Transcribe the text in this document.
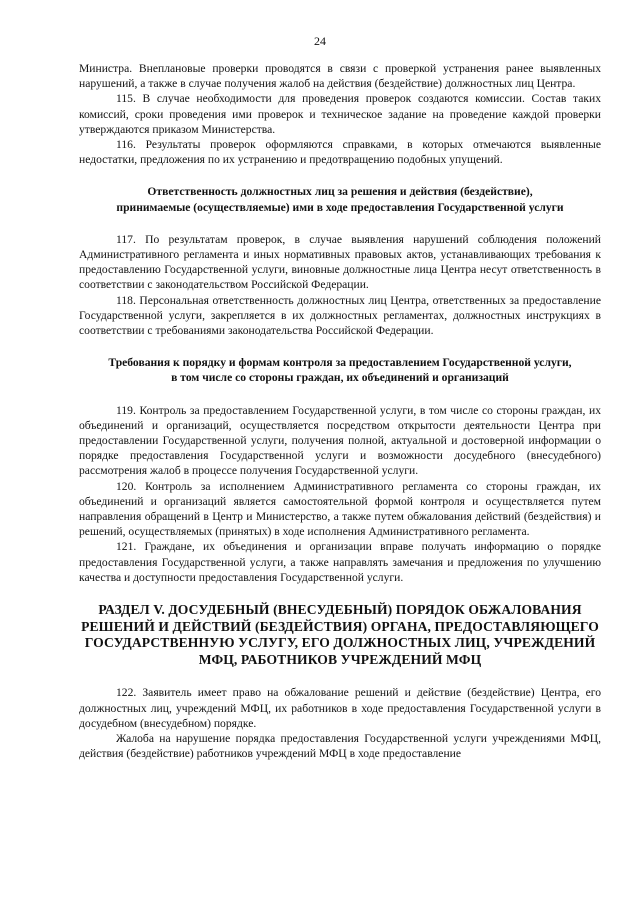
24

Министра. Внеплановые проверки проводятся в связи с проверкой устранения ранее выявленных нарушений, а также в случае получения жалоб на действия (бездействие) должностных лиц Центра.

115. В случае необходимости для проведения проверок создаются комиссии. Состав таких комиссий, сроки проведения ими проверок и техническое задание на проведение каждой проверки утверждаются приказом Министерства.

116. Результаты проверок оформляются справками, в которых отмечаются выявленные недостатки, предложения по их устранению и предотвращению подобных упущений.

Ответственность должностных лиц за решения и действия (бездействие),
принимаемые (осуществляемые) ими в ходе предоставления Государственной услуги

117. По результатам проверок, в случае выявления нарушений соблюдения положений Административного регламента и иных нормативных правовых актов, устанавливающих требования к предоставлению Государственной услуги, виновные должностные лица Центра несут ответственность в соответствии с законодательством Российской Федерации.

118. Персональная ответственность должностных лиц Центра, ответственных за предоставление Государственной услуги, закрепляется в их должностных регламентах, должностных инструкциях в соответствии с требованиями законодательства Российской Федерации.

Требования к порядку и формам контроля за предоставлением Государственной услуги,
в том числе со стороны граждан, их объединений и организаций

119. Контроль за предоставлением Государственной услуги, в том числе со стороны граждан, их объединений и организаций, осуществляется посредством открытости деятельности Центра при предоставлении Государственной услуги, получения полной, актуальной и достоверной информации о порядке предоставления Государственной услуги и возможности досудебного (внесудебного) рассмотрения жалоб в процессе получения Государственной услуги.

120. Контроль за исполнением Административного регламента со стороны граждан, их объединений и организаций является самостоятельной формой контроля и осуществляется путем направления обращений в Центр и Министерство, а также путем обжалования действий (бездействия) и решений, осуществляемых (принятых) в ходе исполнения Административного регламента.

121. Граждане, их объединения и организации вправе получать информацию о порядке предоставления Государственной услуги, а также направлять замечания и предложения по улучшению качества и доступности предоставления Государственной услуги.

РАЗДЕЛ V. ДОСУДЕБНЫЙ (ВНЕСУДЕБНЫЙ) ПОРЯДОК ОБЖАЛОВАНИЯ
РЕШЕНИЙ И ДЕЙСТВИЙ (БЕЗДЕЙСТВИЯ) ОРГАНА, ПРЕДОСТАВЛЯЮЩЕГО
ГОСУДАРСТВЕННУЮ УСЛУГУ, ЕГО ДОЛЖНОСТНЫХ ЛИЦ, УЧРЕЖДЕНИЙ
МФЦ, РАБОТНИКОВ УЧРЕЖДЕНИЙ МФЦ

122. Заявитель имеет право на обжалование решений и действие (бездействие) Центра, его должностных лиц, учреждений МФЦ, их работников в ходе предоставления Государственной услуги в досудебном (внесудебном) порядке.

Жалоба на нарушение порядка предоставления Государственной услуги учреждениями МФЦ, действия (бездействие) работников учреждений МФЦ в ходе предоставление
